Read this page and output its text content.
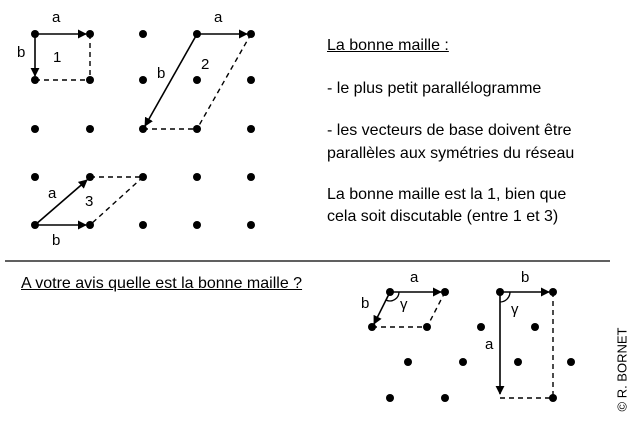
a
b 1
a
b
2
a
b
3
a
b γ
b
a
γ
La bonne maille :
- le plus petit parallélogramme
- les vecteurs de base doivent être
parallèles aux symétries du réseau
La bonne maille est la 1, bien que
cela soit discutable (entre 1 et 3)
A votre avis quelle est la bonne maille ?
© R. BORNET
